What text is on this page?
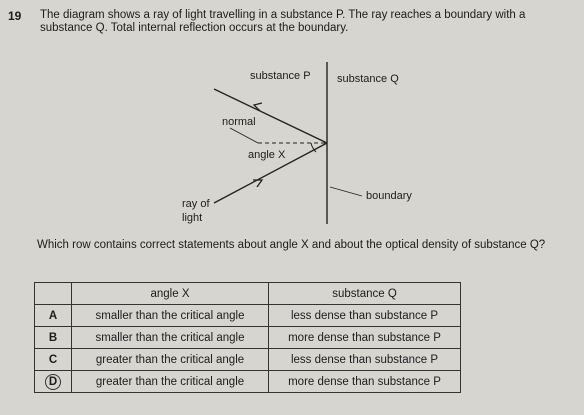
19 The diagram shows a ray of light travelling in a substance P. The ray reaches a boundary with a
substance Q. Total internal reflection occurs at the boundary.
substance P substance Q
normal
angle X
ray of
light
boundary
Which row contains correct statements about angle X and about the optical density of substance Q?
	angle X	substance Q
A	smaller than the critical angle	less dense than substance P
B	smaller than the critical angle	more dense than substance P
C	greater than the critical angle	less dense than substance P
D	greater than the critical angle	more dense than substance P
